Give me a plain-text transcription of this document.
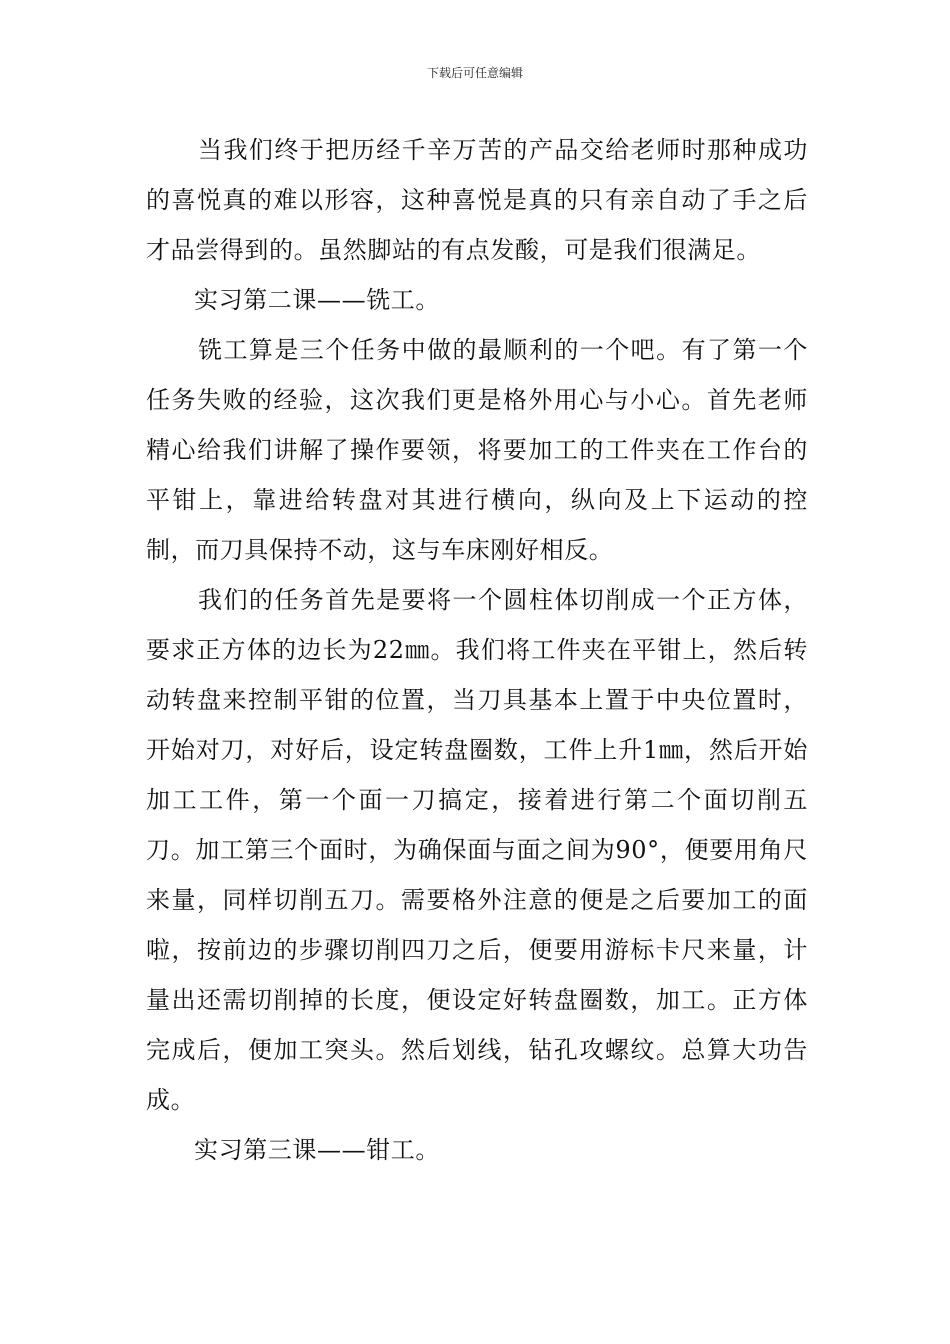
下载后可任意编辑

当我们终于把历经千辛万苦的产品交给老师时那种成功的喜悦真的难以形容，这种喜悦是真的只有亲自动了手之后才品尝得到的。虽然脚站的有点发酸，可是我们很满足。

实习第二课——铣工。

铣工算是三个任务中做的最顺利的一个吧。有了第一个任务失败的经验，这次我们更是格外用心与小心。首先老师精心给我们讲解了操作要领，将要加工的工件夹在工作台的平钳上，靠进给转盘对其进行横向，纵向及上下运动的控制，而刀具保持不动，这与车床刚好相反。

我们的任务首先是要将一个圆柱体切削成一个正方体，要求正方体的边长为22㎜。我们将工件夹在平钳上，然后转动转盘来控制平钳的位置，当刀具基本上置于中央位置时，开始对刀，对好后，设定转盘圈数，工件上升1㎜，然后开始加工工件，第一个面一刀搞定，接着进行第二个面切削五刀。加工第三个面时，为确保面与面之间为90°，便要用角尺来量，同样切削五刀。需要格外注意的便是之后要加工的面啦，按前边的步骤切削四刀之后，便要用游标卡尺来量，计量出还需切削掉的长度，便设定好转盘圈数，加工。正方体完成后，便加工突头。然后划线，钻孔攻螺纹。总算大功告成。

实习第三课——钳工。
